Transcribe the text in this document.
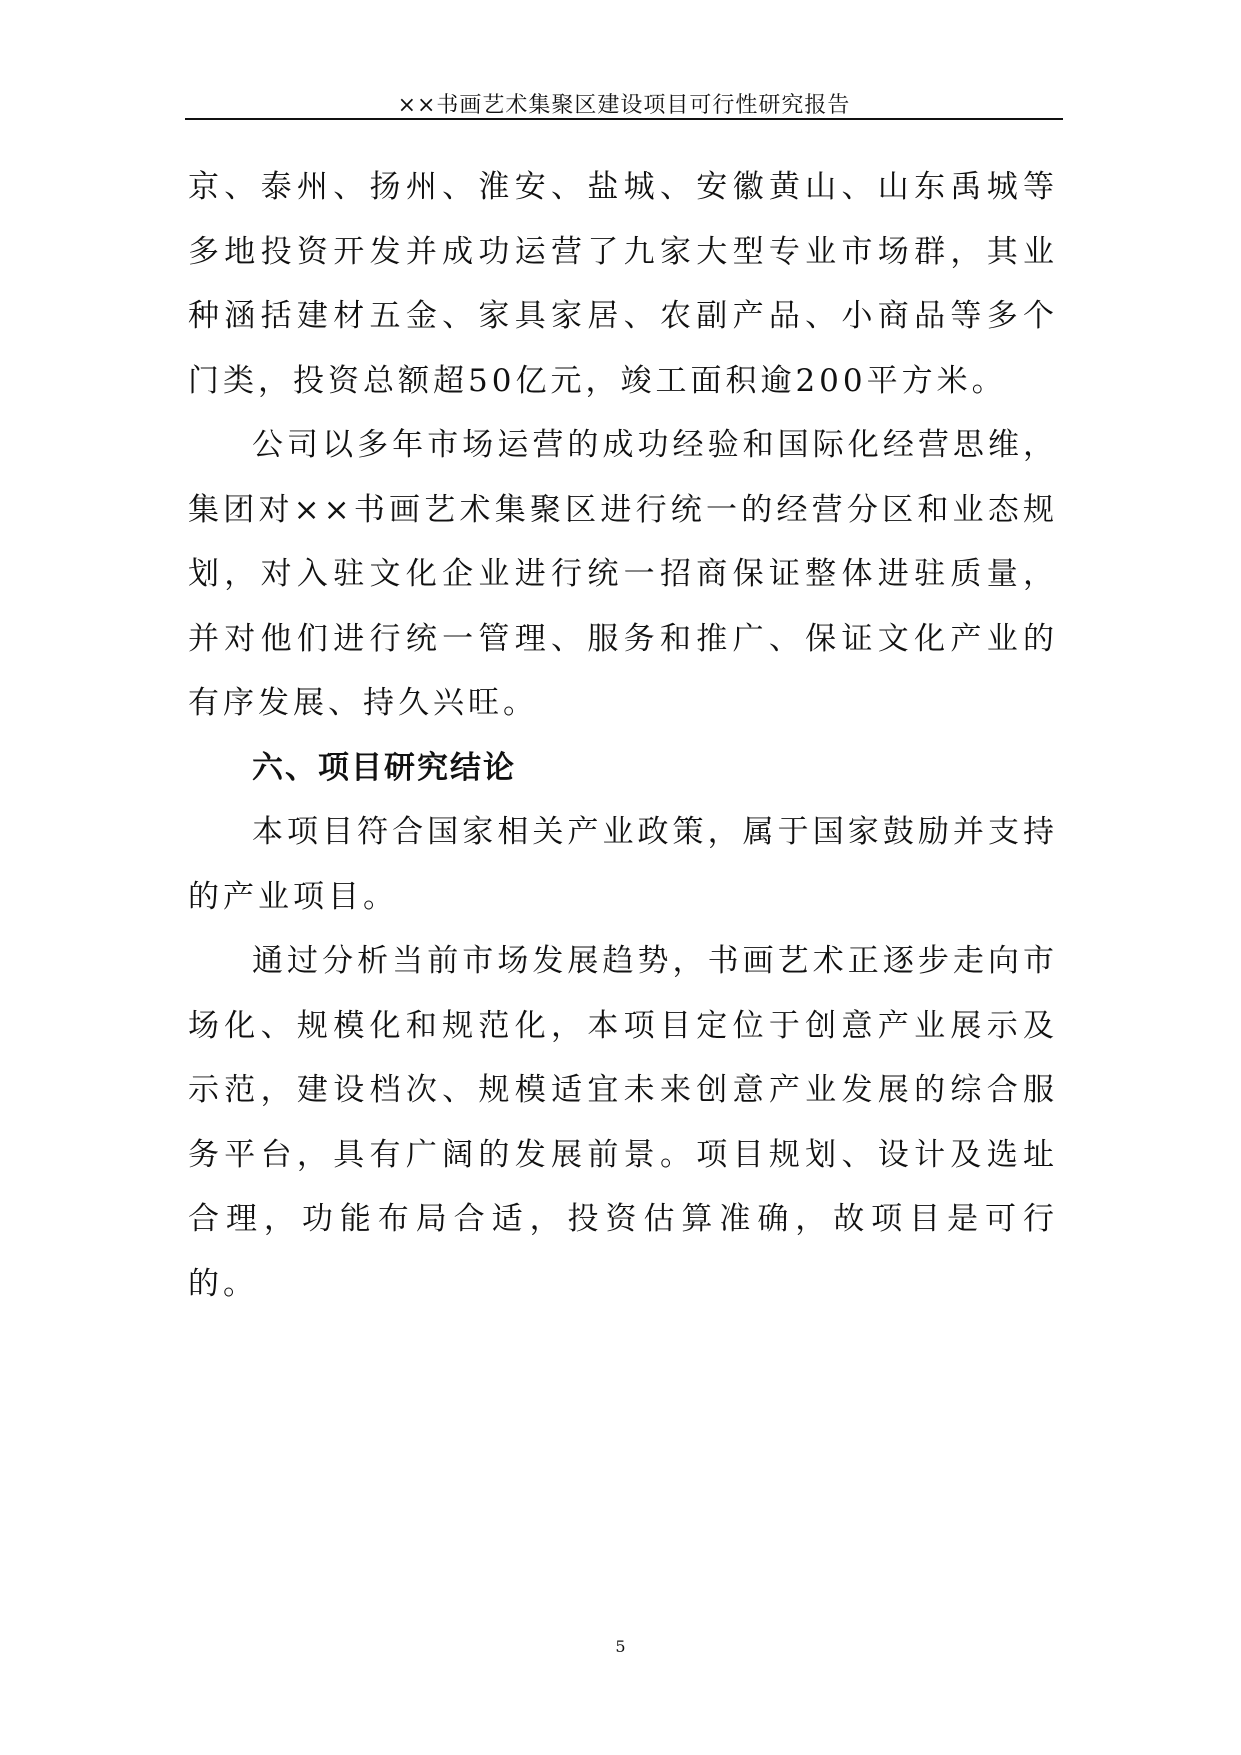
××书画艺术集聚区建设项目可行性研究报告

京、泰州、扬州、淮安、盐城、安徽黄山、山东禹城等多地投资开发并成功运营了九家大型专业市场群，其业种涵括建材五金、家具家居、农副产品、小商品等多个门类，投资总额超50亿元，竣工面积逾200平方米。

公司以多年市场运营的成功经验和国际化经营思维，集团对××书画艺术集聚区进行统一的经营分区和业态规划，对入驻文化企业进行统一招商保证整体进驻质量，并对他们进行统一管理、服务和推广、保证文化产业的有序发展、持久兴旺。

六、项目研究结论

本项目符合国家相关产业政策，属于国家鼓励并支持的产业项目。

通过分析当前市场发展趋势，书画艺术正逐步走向市场化、规模化和规范化，本项目定位于创意产业展示及示范，建设档次、规模适宜未来创意产业发展的综合服务平台，具有广阔的发展前景。项目规划、设计及选址合理，功能布局合适，投资估算准确，故项目是可行的。

5
